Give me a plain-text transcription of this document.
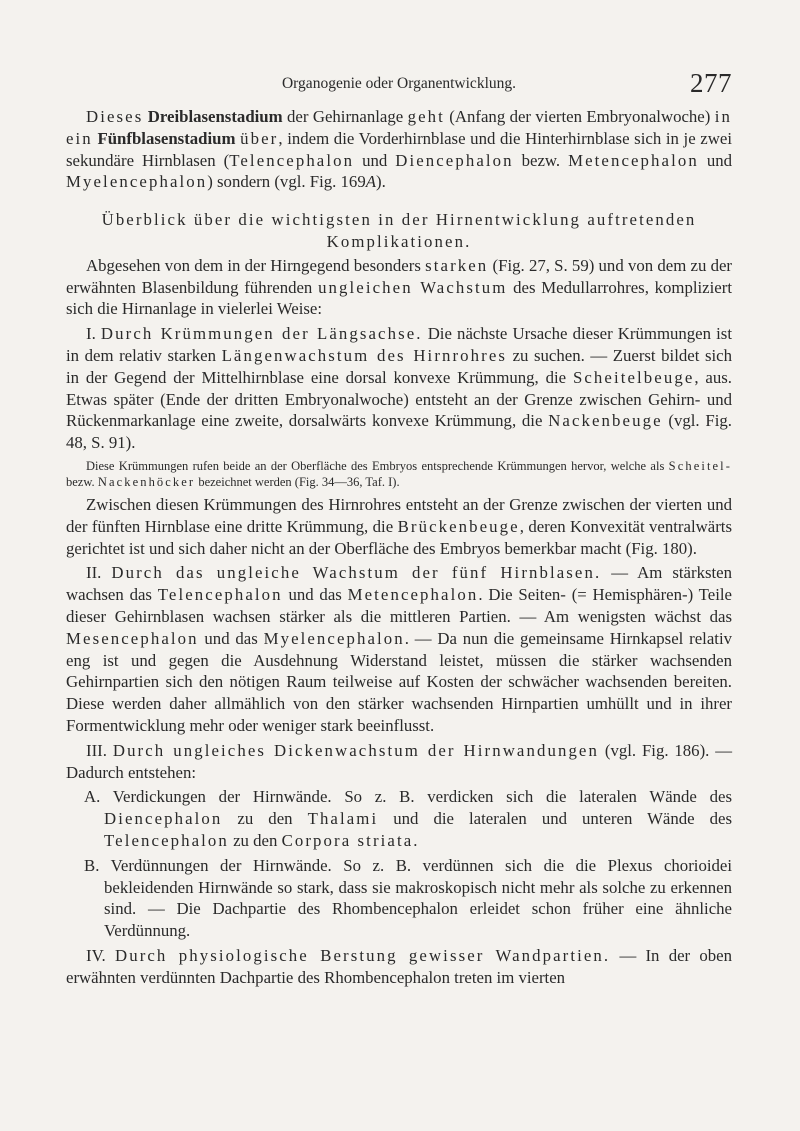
Organogenie oder Organentwicklung.	277

Dieses Dreiblasenstadium der Gehirnanlage geht (Anfang der vierten Embryonalwoche) in ein Fünfblasenstadium über, indem die Vorderhirnblase und die Hinterhirnblase sich in je zwei sekundäre Hirnblasen (Telencephalon und Diencephalon bezw. Metencephalon und Myelencephalon) sondern (vgl. Fig. 169A).

Überblick über die wichtigsten in der Hirnentwicklung auftretenden
Komplikationen.

Abgesehen von dem in der Hirngegend besonders starken (Fig. 27, S. 59) und von dem zu der erwähnten Blasenbildung führenden ungleichen Wachstum des Medullarrohres, kompliziert sich die Hirnanlage in vielerlei Weise:

I. Durch Krümmungen der Längsachse. Die nächste Ursache dieser Krümmungen ist in dem relativ starken Längenwachstum des Hirnrohres zu suchen. — Zuerst bildet sich in der Gegend der Mittelhirnblase eine dorsal konvexe Krümmung, die Scheitelbeuge, aus. Etwas später (Ende der dritten Embryonalwoche) entsteht an der Grenze zwischen Gehirn- und Rückenmarkanlage eine zweite, dorsalwärts konvexe Krümmung, die Nackenbeuge (vgl. Fig. 48, S. 91).

Diese Krümmungen rufen beide an der Oberfläche des Embryos entsprechende Krümmungen hervor, welche als Scheitel- bezw. Nackenhöcker bezeichnet werden (Fig. 34—36, Taf. I).

Zwischen diesen Krümmungen des Hirnrohres entsteht an der Grenze zwischen der vierten und der fünften Hirnblase eine dritte Krümmung, die Brückenbeuge, deren Konvexität ventralwärts gerichtet ist und sich daher nicht an der Oberfläche des Embryos bemerkbar macht (Fig. 180).

II. Durch das ungleiche Wachstum der fünf Hirnblasen. — Am stärksten wachsen das Telencephalon und das Metencephalon. Die Seiten- (= Hemisphären-) Teile dieser Gehirnblasen wachsen stärker als die mittleren Partien. — Am wenigsten wächst das Mesencephalon und das Myelencephalon. — Da nun die gemeinsame Hirnkapsel relativ eng ist und gegen die Ausdehnung Widerstand leistet, müssen die stärker wachsenden Gehirnpartien sich den nötigen Raum teilweise auf Kosten der schwächer wachsenden bereiten. Diese werden daher allmählich von den stärker wachsenden Hirnpartien umhüllt und in ihrer Formentwicklung mehr oder weniger stark beeinflusst.

III. Durch ungleiches Dickenwachstum der Hirnwandungen (vgl. Fig. 186). — Dadurch entstehen:

A. Verdickungen der Hirnwände. So z. B. verdicken sich die lateralen Wände des Diencephalon zu den Thalami und die lateralen und unteren Wände des Telencephalon zu den Corpora striata.

B. Verdünnungen der Hirnwände. So z. B. verdünnen sich die die Plexus chorioidei bekleidenden Hirnwände so stark, dass sie makroskopisch nicht mehr als solche zu erkennen sind. — Die Dachpartie des Rhombencephalon erleidet schon früher eine ähnliche Verdünnung.

IV. Durch physiologische Berstung gewisser Wandpartien. — In der oben erwähnten verdünnten Dachpartie des Rhombencephalon treten im vierten
